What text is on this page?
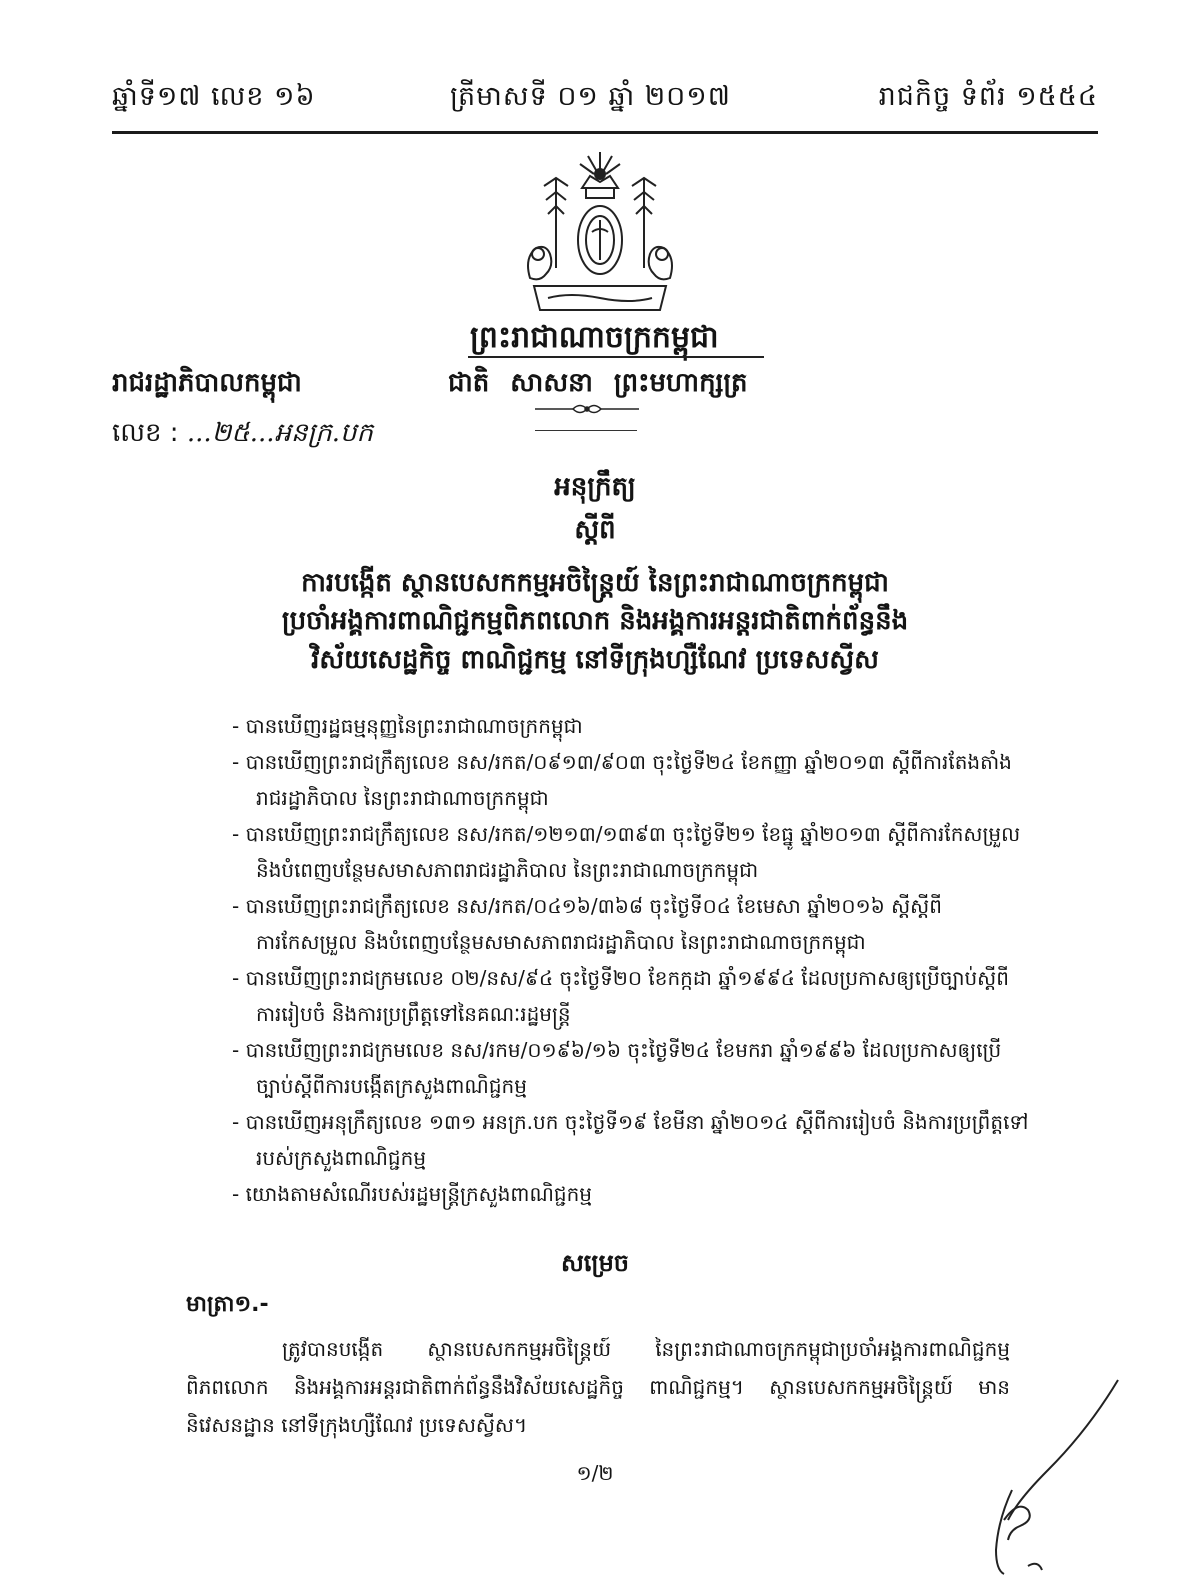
ឆ្នាំទី១៧ លេខ ១៦	ត្រីមាសទី ០១ ឆ្នាំ ២០១៧	រាជកិច្ច ទំព័រ ១៥៥៤
ព្រះរាជាណាចក្រកម្ពុជា
រាជរដ្ឋាភិបាលកម្ពុជា	ជាតិ សាសនា ព្រះមហាក្សត្រ
លេខ : ...២៥...អនក្រ.បក
អនុក្រឹត្យ
ស្តីពី
ការបង្កើត ស្ថានបេសកកម្មអចិន្ត្រៃយ៍ នៃព្រះរាជាណាចក្រកម្ពុជា
ប្រចាំអង្គការពាណិជ្ជកម្មពិភពលោក និងអង្គការអន្តរជាតិពាក់ព័ន្ធនឹង
វិស័យសេដ្ឋកិច្ច ពាណិជ្ជកម្ម នៅទីក្រុងហ្សឺណែវ ប្រទេសស្វីស
- បានឃើញរដ្ឋធម្មនុញ្ញនៃព្រះរាជាណាចក្រកម្ពុជា
- បានឃើញព្រះរាជក្រឹត្យលេខ នស/រកត/០៩១៣/៩០៣ ចុះថ្ងៃទី២៤ ខែកញ្ញា ឆ្នាំ២០១៣ ស្តីពីការតែងតាំងរាជរដ្ឋាភិបាល នៃព្រះរាជាណាចក្រកម្ពុជា
- បានឃើញព្រះរាជក្រឹត្យលេខ នស/រកត/១២១៣/១៣៩៣ ចុះថ្ងៃទី២១ ខែធ្នូ ឆ្នាំ២០១៣ ស្តីពីការកែសម្រួល និងបំពេញបន្ថែមសមាសភាពរាជរដ្ឋាភិបាល នៃព្រះរាជាណាចក្រកម្ពុជា
- បានឃើញព្រះរាជក្រឹត្យលេខ នស/រកត/០៤១៦/៣៦៨ ចុះថ្ងៃទី០៤ ខែមេសា ឆ្នាំ២០១៦ ស្តីស្តីពីការកែសម្រួល និងបំពេញបន្ថែមសមាសភាពរាជរដ្ឋាភិបាល នៃព្រះរាជាណាចក្រកម្ពុជា
- បានឃើញព្រះរាជក្រមលេខ ០២/នស/៩៤ ចុះថ្ងៃទី២០ ខែកក្កដា ឆ្នាំ១៩៩៤ ដែលប្រកាសឲ្យប្រើច្បាប់ស្តីពីការរៀបចំ និងការប្រព្រឹត្តទៅនៃគណៈរដ្ឋមន្ត្រី
- បានឃើញព្រះរាជក្រមលេខ នស/រកម/០១៩៦/១៦ ចុះថ្ងៃទី២៤ ខែមករា ឆ្នាំ១៩៩៦ ដែលប្រកាសឲ្យប្រើច្បាប់ស្តីពីការបង្កើតក្រសួងពាណិជ្ជកម្ម
- បានឃើញអនុក្រឹត្យលេខ ១៣១ អនក្រ.បក ចុះថ្ងៃទី១៩ ខែមីនា ឆ្នាំ២០១៤ ស្តីពីការរៀបចំ និងការប្រព្រឹត្តទៅរបស់ក្រសួងពាណិជ្ជកម្ម
- យោងតាមសំណើរបស់រដ្ឋមន្ត្រីក្រសួងពាណិជ្ជកម្ម
សម្រេច
មាត្រា១.-
ត្រូវបានបង្កើត ស្ថានបេសកកម្មអចិន្ត្រៃយ៍ នៃព្រះរាជាណាចក្រកម្ពុជាប្រចាំអង្គការពាណិជ្ជកម្មពិភពលោក និងអង្គការអន្តរជាតិពាក់ព័ន្ធនឹងវិស័យសេដ្ឋកិច្ច ពាណិជ្ជកម្ម។ ស្ថានបេសកកម្មអចិន្ត្រៃយ៍ មាននិវេសនដ្ឋាន នៅទីក្រុងហ្សឺណែវ ប្រទេសស្វីស។
១/២
